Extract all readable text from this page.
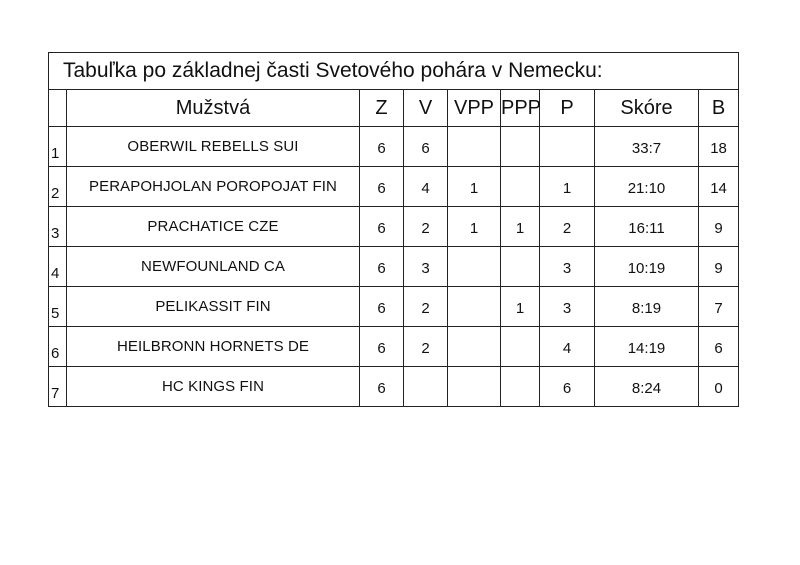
Tabuľka po základnej časti Svetového pohára v Nemecku:								
	Mužstvá	Z	V	VPP	PPP	P	Skóre	B
1	OBERWIL REBELLS SUI	6	6				33:7	18
2	PERAPOHJOLAN POROPOJAT FIN	6	4	1		1	21:10	14
3	PRACHATICE CZE	6	2	1	1	2	16:11	9
4	NEWFOUNLAND CA	6	3			3	10:19	9
5	PELIKASSIT FIN	6	2		1	3	8:19	7
6	HEILBRONN HORNETS DE	6	2			4	14:19	6
7	HC KINGS FIN	6				6	8:24	0
